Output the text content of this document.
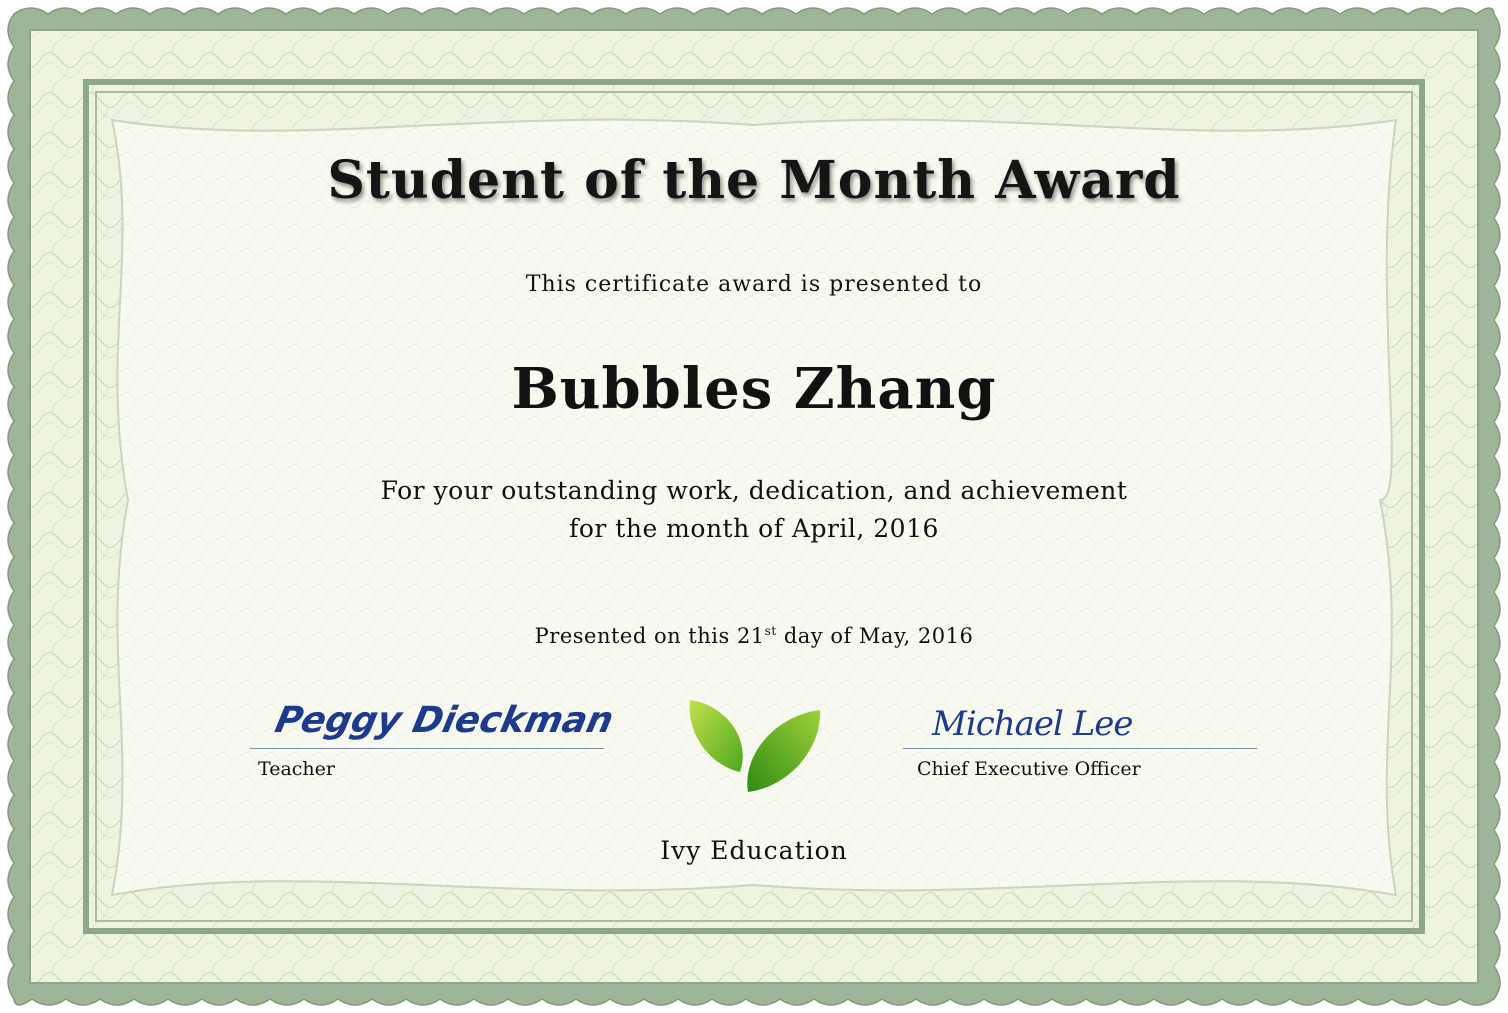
Student of the Month Award
This certificate award is presented to
Bubbles Zhang
For your outstanding work, dedication, and achievement
for the month of April, 2016
Presented on this 21st day of May, 2016
Peggy Dieckman
Teacher
Michael Lee
Chief Executive Officer
Ivy Education
